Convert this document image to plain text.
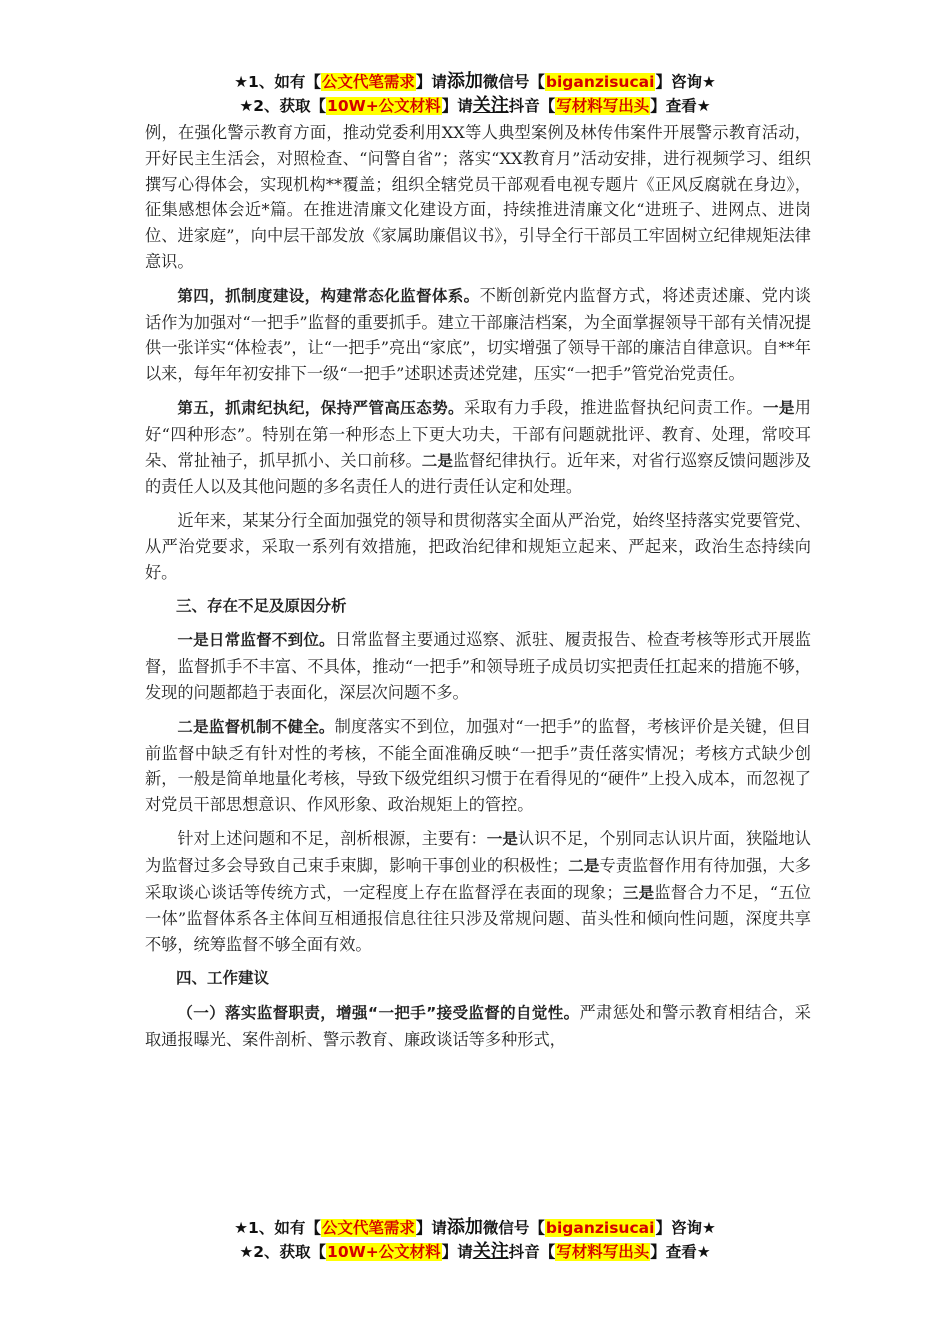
★1、如有【公文代笔需求】请添加微信号【biganzisucai】咨询★
★2、获取【10W+公文材料】请关注抖音【写材料写出头】查看★

例，在强化警示教育方面，推动党委利用XX等人典型案例及林传伟案件开展警示教育活动，开好民主生活会，对照检查、“问警自省”；落实“XX教育月”活动安排，进行视频学习、组织撰写心得体会，实现机构**覆盖；组织全辖党员干部观看电视专题片《正风反腐就在身边》，征集感想体会近*篇。在推进清廉文化建设方面，持续推进清廉文化“进班子、进网点、进岗位、进家庭”，向中层干部发放《家属助廉倡议书》，引导全行干部员工牢固树立纪律规矩法律意识。

第四，抓制度建设，构建常态化监督体系。不断创新党内监督方式，将述责述廉、党内谈话作为加强对“一把手”监督的重要抓手。建立干部廉洁档案，为全面掌握领导干部有关情况提供一张详实“体检表”，让“一把手”亮出“家底”，切实增强了领导干部的廉洁自律意识。自**年以来，每年年初安排下一级“一把手”述职述责述党建，压实“一把手”管党治党责任。

第五，抓肃纪执纪，保持严管高压态势。采取有力手段，推进监督执纪问责工作。一是用好“四种形态”。特别在第一种形态上下更大功夫，干部有问题就批评、教育、处理，常咬耳朵、常扯袖子，抓早抓小、关口前移。二是监督纪律执行。近年来，对省行巡察反馈问题涉及的责任人以及其他问题的多名责任人的进行责任认定和处理。

近年来，某某分行全面加强党的领导和贯彻落实全面从严治党，始终坚持落实党要管党、从严治党要求，采取一系列有效措施，把政治纪律和规矩立起来、严起来，政治生态持续向好。

三、存在不足及原因分析

一是日常监督不到位。日常监督主要通过巡察、派驻、履责报告、检查考核等形式开展监督，监督抓手不丰富、不具体，推动“一把手”和领导班子成员切实把责任扛起来的措施不够，发现的问题都趋于表面化，深层次问题不多。

二是监督机制不健全。制度落实不到位，加强对“一把手”的监督，考核评价是关键，但目前监督中缺乏有针对性的考核，不能全面准确反映“一把手”责任落实情况；考核方式缺少创新，一般是简单地量化考核，导致下级党组织习惯于在看得见的“硬件”上投入成本，而忽视了对党员干部思想意识、作风形象、政治规矩上的管控。

针对上述问题和不足，剖析根源，主要有：一是认识不足，个别同志认识片面，狭隘地认为监督过多会导致自己束手束脚，影响干事创业的积极性；二是专责监督作用有待加强，大多采取谈心谈话等传统方式，一定程度上存在监督浮在表面的现象；三是监督合力不足，“五位一体”监督体系各主体间互相通报信息往往只涉及常规问题、苗头性和倾向性问题，深度共享不够，统筹监督不够全面有效。

四、工作建议

（一）落实监督职责，增强“一把手”接受监督的自觉性。严肃惩处和警示教育相结合，采取通报曝光、案件剖析、警示教育、廉政谈话等多种形式，

★1、如有【公文代笔需求】请添加微信号【biganzisucai】咨询★
★2、获取【10W+公文材料】请关注抖音【写材料写出头】查看★
